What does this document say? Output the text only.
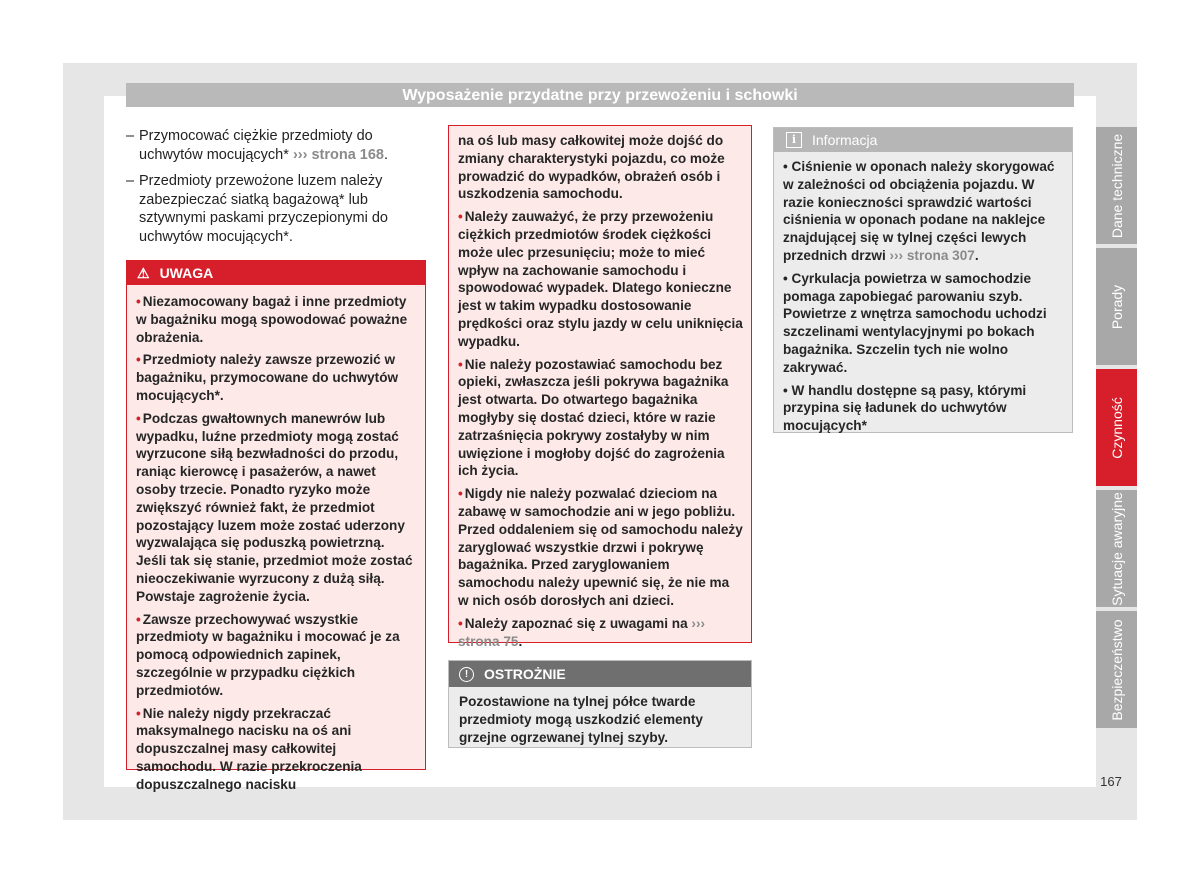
Wyposażenie przydatne przy przewożeniu i schowki
– Przymocować ciężkie przedmioty do uchwytów mocujących* ››› strona 168.
– Przedmioty przewożone luzem należy zabezpieczać siatką bagażową* lub sztywnymi paskami przyczepionymi do uchwytów mocujących*.
⚠ UWAGA

• Niezamocowany bagaż i inne przedmioty w bagażniku mogą spowodować poważne obrażenia.

• Przedmioty należy zawsze przewozić w bagażniku, przymocowane do uchwytów mocujących*.

• Podczas gwałtownych manewrów lub wypadku, luźne przedmioty mogą zostać wyrzucone siłą bezwładności do przodu, raniąc kierowcę i pasażerów, a nawet osoby trzecie. Ponadto ryzyko może zwiększyć również fakt, że przedmiot pozostający luzem może zostać uderzony wyzwalająca się poduszką powietrzną. Jeśli tak się stanie, przedmiot może zostać nieoczekiwanie wyrzucony z dużą siłą. Powstaje zagrożenie życia.

• Zawsze przechowywać wszystkie przedmioty w bagażniku i mocować je za pomocą odpowiednich zapinek, szczególnie w przypadku ciężkich przedmiotów.

• Nie należy nigdy przekraczać maksymalnego nacisku na oś ani dopuszczalnej masy całkowitej samochodu. W razie przekroczenia dopuszczalnego nacisku

na oś lub masy całkowitej może dojść do zmiany charakterystyki pojazdu, co może prowadzić do wypadków, obrażeń osób i uszkodzenia samochodu.

• Należy zauważyć, że przy przewożeniu ciężkich przedmiotów środek ciężkości może ulec przesunięciu; może to mieć wpływ na zachowanie samochodu i spowodować wypadek. Dlatego konieczne jest w takim wypadku dostosowanie prędkości oraz stylu jazdy w celu uniknięcia wypadku.

• Nie należy pozostawiać samochodu bez opieki, zwłaszcza jeśli pokrywa bagażnika jest otwarta. Do otwartego bagażnika mogłyby się dostać dzieci, które w razie zatrzaśnięcia pokrywy zostałyby w nim uwięzione i mogłoby dojść do zagrożenia ich życia.

• Nigdy nie należy pozwalać dzieciom na zabawę w samochodzie ani w jego pobliżu. Przed oddaleniem się od samochodu należy zaryglować wszystkie drzwi i pokrywę bagażnika. Przed zaryglowaniem samochodu należy upewnić się, że nie ma w nich osób dorosłych ani dzieci.

• Należy zapoznać się z uwagami na ››› strona 75.

!	OSTROŻNIE
Pozostawione na tylnej półce twarde przedmioty mogą uszkodzić elementy grzejne ogrzewanej tylnej szyby.
i	Informacja

• Ciśnienie w oponach należy skorygować w zależności od obciążenia pojazdu. W razie konieczności sprawdzić wartości ciśnienia w oponach podane na naklejce znajdującej się w tylnej części lewych przednich drzwi ››› strona 307.

• Cyrkulacja powietrza w samochodzie pomaga zapobiegać parowaniu szyb. Powietrze z wnętrza samochodu uchodzi szczelinami wentylacyjnymi po bokach bagażnika. Szczelin tych nie wolno zakrywać.

• W handlu dostępne są pasy, którymi przypina się ładunek do uchwytów mocujących*

Dane techniczne
Porady
Czynność
Sytuacje awaryjne
Bezpieczeństwo
167
